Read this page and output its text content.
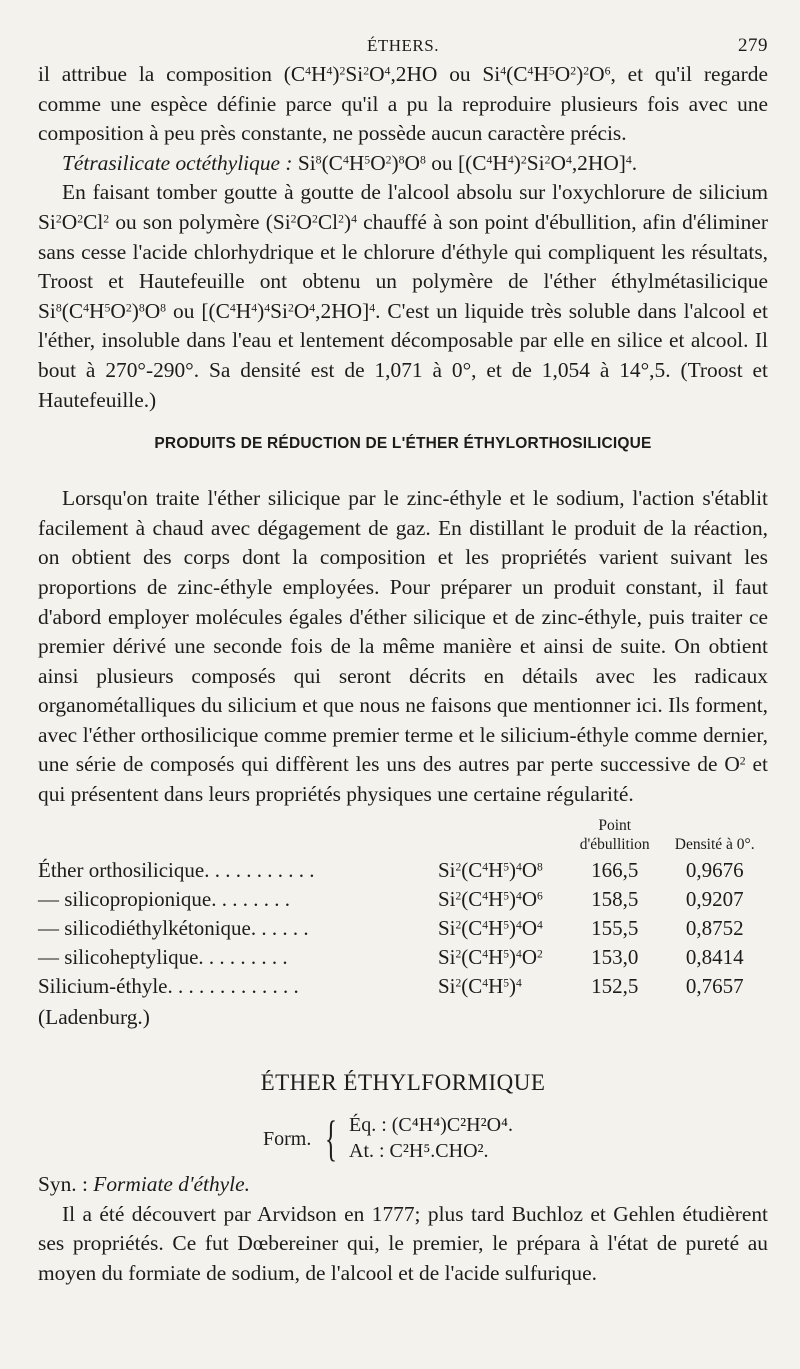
ÉTHERS.	279

il attribue la composition $(C^4H^4)^2Si^2O^4,2HO$ ou $Si^4(C^4H^5O^2)^2O^6$, et qu'il regarde comme une espèce définie parce qu'il a pu la reproduire plusieurs fois avec une composition à peu près constante, ne possède aucun caractère précis.

Tétrasilicate octéthylique : $Si^8(C^4H^5O^2)^8O^8$ ou $[(C^4H^4)^2Si^2O^4,2HO]^4$.

En faisant tomber goutte à goutte de l'alcool absolu sur l'oxychlorure de silicium $Si^2O^2Cl^2$ ou son polymère $(Si^2O^2Cl^2)^4$ chauffé à son point d'ébullition, afin d'éliminer sans cesse l'acide chlorhydrique et le chlorure d'éthyle qui compliquent les résultats, Troost et Hautefeuille ont obtenu un polymère de l'éther éthylmétasilicique $Si^8(C^4H^5O^2)^8O^8$ ou $[(C^4H^4)^4Si^2O^4,2HO]^4$. C'est un liquide très soluble dans l'alcool et l'éther, insoluble dans l'eau et lentement décomposable par elle en silice et alcool. Il bout à 270°-290°. Sa densité est de 1,071 à 0°, et de 1,054 à 14°,5. (Troost et Hautefeuille.)

PRODUITS DE RÉDUCTION DE L'ÉTHER ÉTHYLORTHOSILICIQUE

Lorsqu'on traite l'éther silicique par le zinc-éthyle et le sodium, l'action s'établit facilement à chaud avec dégagement de gaz. En distillant le produit de la réaction, on obtient des corps dont la composition et les propriétés varient suivant les proportions de zinc-éthyle employées. Pour préparer un produit constant, il faut d'abord employer molécules égales d'éther silicique et de zinc-éthyle, puis traiter ce premier dérivé une seconde fois de la même manière et ainsi de suite. On obtient ainsi plusieurs composés qui seront décrits en détails avec les radicaux organométalliques du silicium et que nous ne faisons que mentionner ici. Ils forment, avec l'éther orthosilicique comme premier terme et le silicium-éthyle comme dernier, une série de composés qui diffèrent les uns des autres par perte successive de $O^2$ et qui présentent dans leurs propriétés physiques une certaine régularité.

		Point
d'ébullition	Densité à 0°.
Éther orthosilicique. . . . . . . . . . .	$Si^2(C^4H^5)^4O^8$	166,5	0,9676
— silicopropionique. . . . . . . .	$Si^2(C^4H^5)^4O^6$	158,5	0,9207
— silicodiéthylkétonique. . . . . .	$Si^2(C^4H^5)^4O^4$	155,5	0,8752
— silicoheptylique. . . . . . . . .	$Si^2(C^4H^5)^4O^2$	153,0	0,8414
Silicium-éthyle. . . . . . . . . . . . .	$Si^2(C^4H^5)^4$	152,5	0,7657

(Ladenburg.)

ÉTHER ÉTHYLFORMIQUE
Form. { Éq. : (C⁴H⁴)C²H²O⁴.
At. : C²H⁵.CHO².

Syn. : Formiate d'éthyle.

Il a été découvert par Arvidson en 1777; plus tard Buchloz et Gehlen étudièrent ses propriétés. Ce fut Dœbereiner qui, le premier, le prépara à l'état de pureté au moyen du formiate de sodium, de l'alcool et de l'acide sulfurique.
